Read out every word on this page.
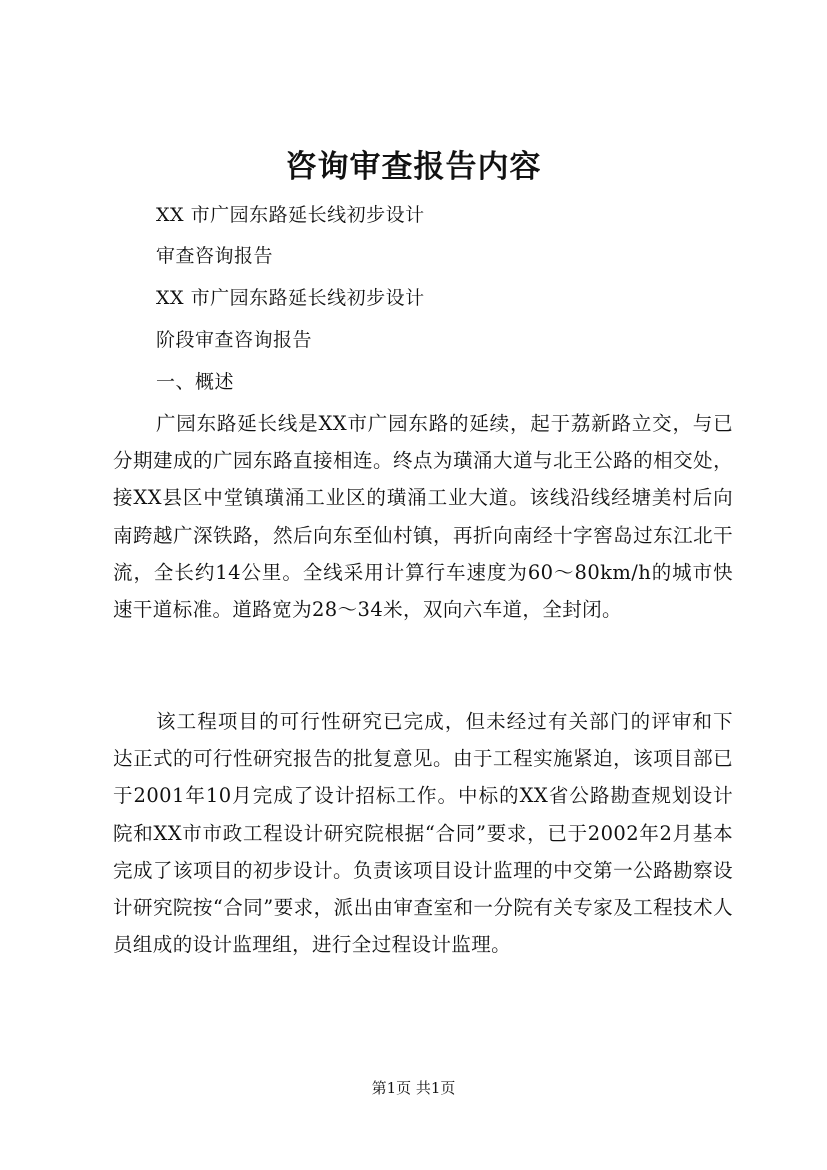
咨询审查报告内容
XX 市广园东路延长线初步设计
审查咨询报告
XX 市广园东路延长线初步设计
阶段审查咨询报告
一、概述

广园东路延长线是XX市广园东路的延续，起于荔新路立交，与已分期建成的广园东路直接相连。终点为璜涌大道与北王公路的相交处，接XX县区中堂镇璜涌工业区的璜涌工业大道。该线沿线经塘美村后向南跨越广深铁路，然后向东至仙村镇，再折向南经十字窖岛过东江北干流，全长约14公里。全线采用计算行车速度为60～80km/h的城市快速干道标准。道路宽为28～34米，双向六车道，全封闭。

该工程项目的可行性研究已完成，但未经过有关部门的评审和下达正式的可行性研究报告的批复意见。由于工程实施紧迫，该项目部已于2001年10月完成了设计招标工作。中标的XX省公路勘查规划设计院和XX市市政工程设计研究院根据“合同”要求，已于2002年2月基本完成了该项目的初步设计。负责该项目设计监理的中交第一公路勘察设计研究院按“合同”要求，派出由审查室和一分院有关专家及工程技术人员组成的设计监理组，进行全过程设计监理。

第1页 共1页
